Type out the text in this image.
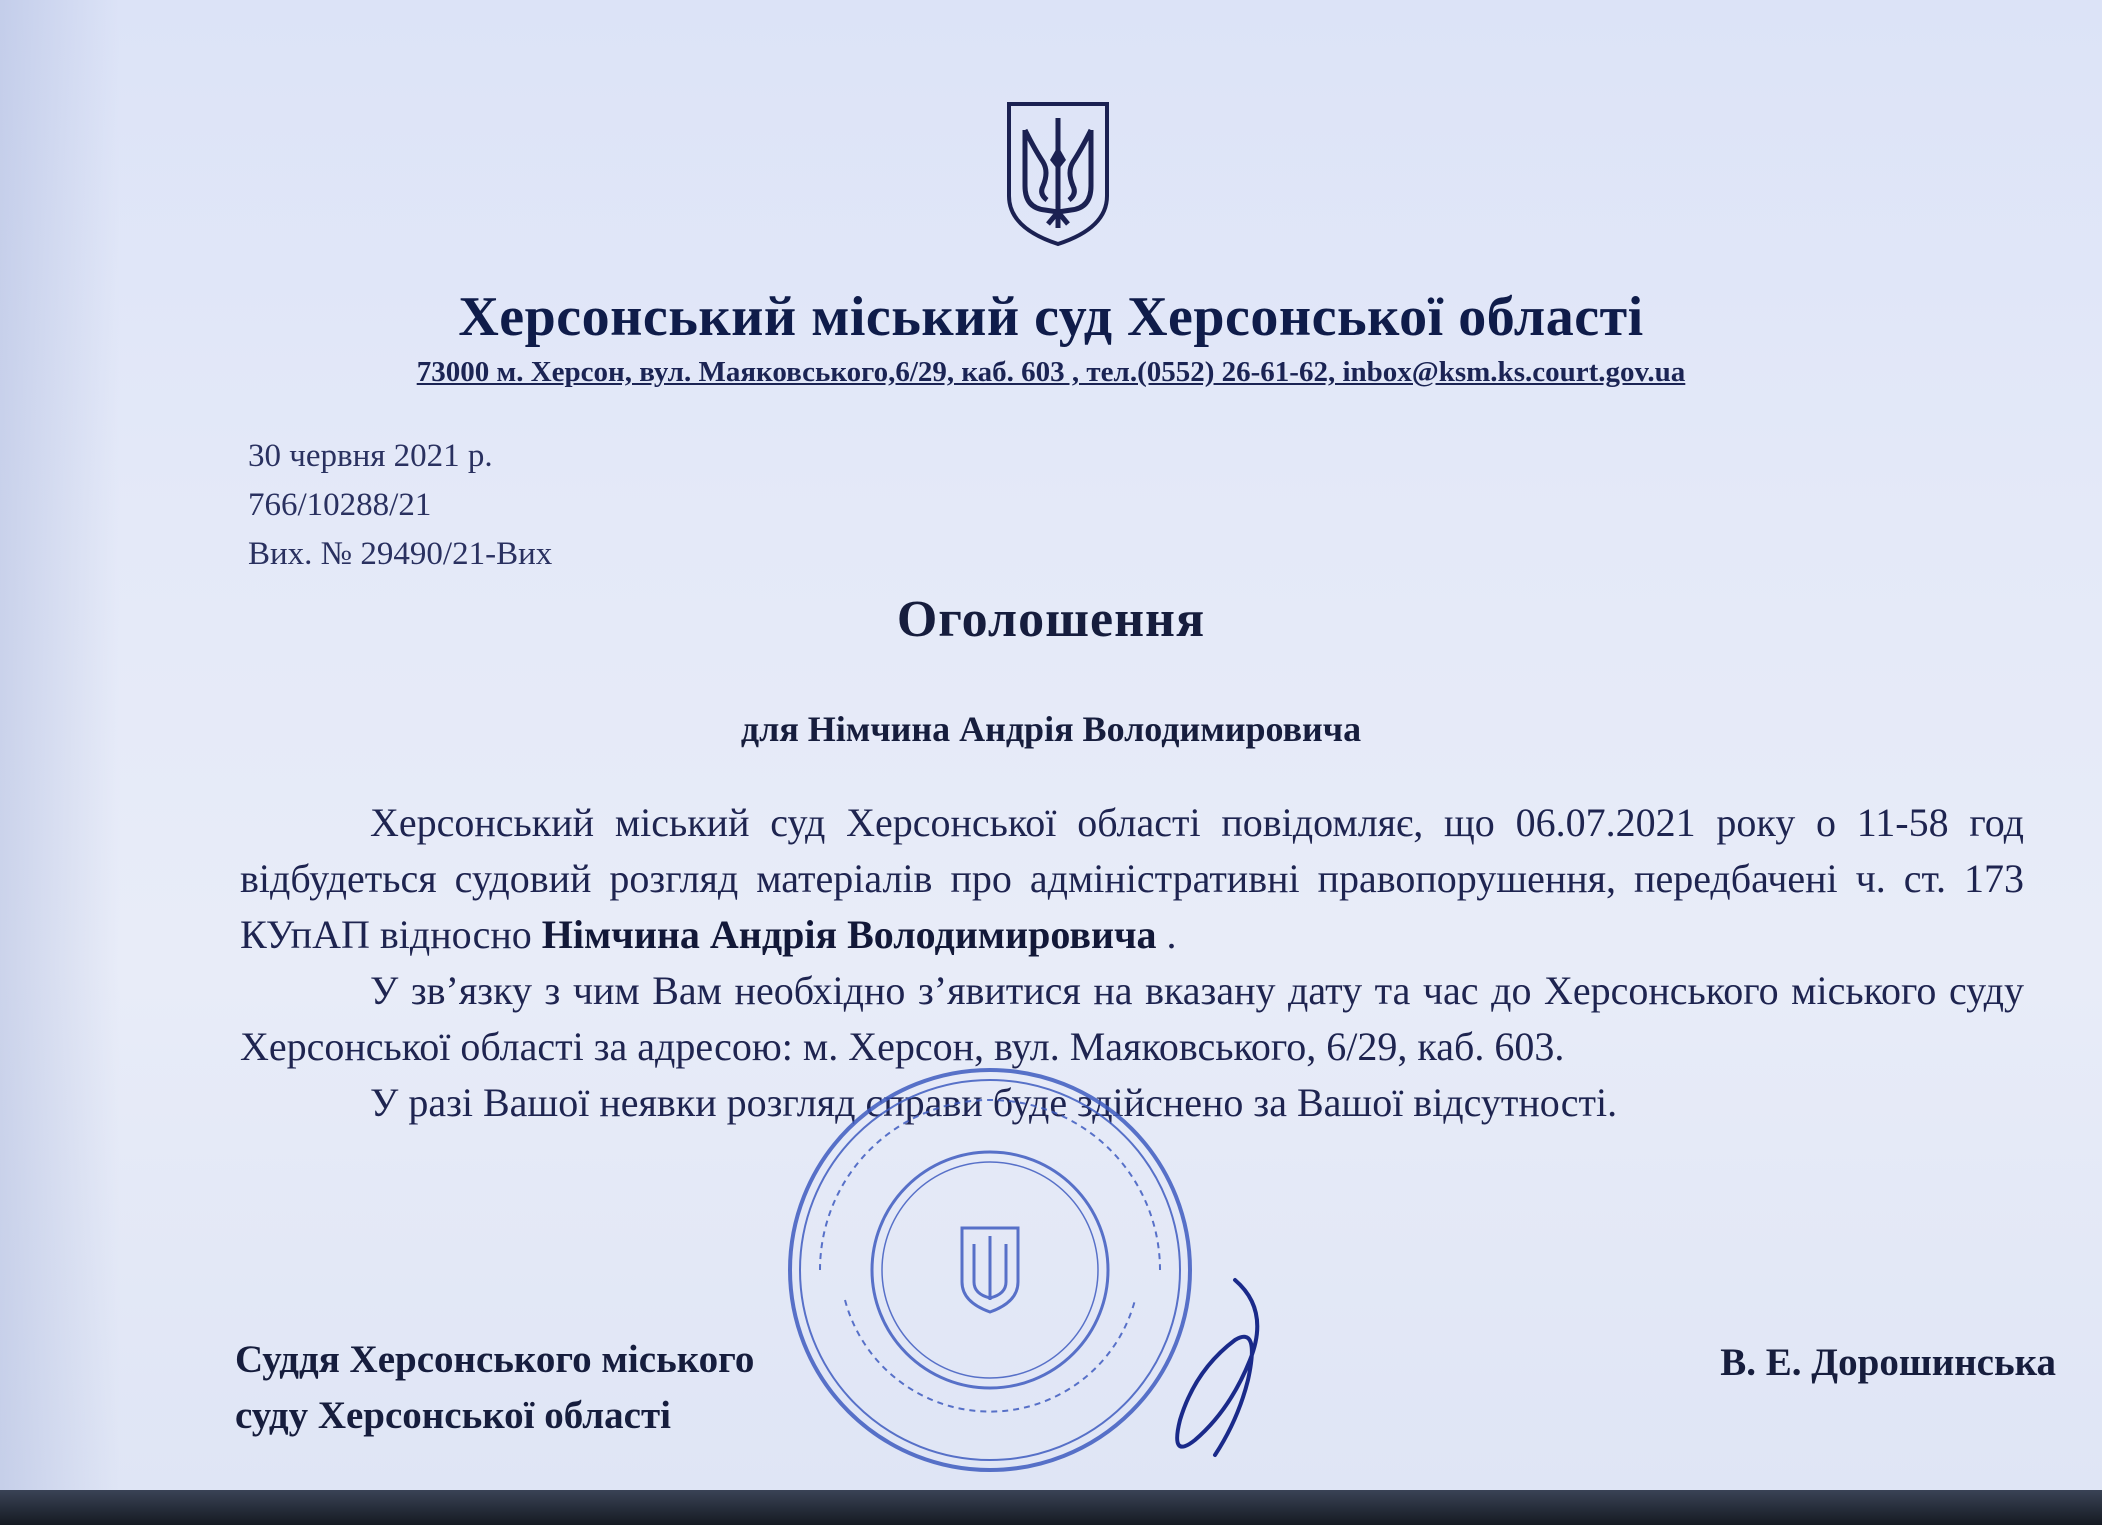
Херсонський міський суд Херсонської області
73000 м. Херсон, вул. Маяковського,6/29, каб. 603 , тел.(0552) 26-61-62, inbox@ksm.ks.court.gov.ua
30 червня 2021 р.
766/10288/21
Вих. № 29490/21-Вих
Оголошення
для Німчина Андрія Володимировича

Херсонський міський суд Херсонської області повідомляє, що 06.07.2021 року о 11-58 год відбудеться судовий розгляд матеріалів про адміністративні правопорушення, передбачені ч. ст. 173 КУпАП відносно Німчина Андрія Володимировича .

У зв’язку з чим Вам необхідно з’явитися на вказану дату та час до Херсонського міського суду Херсонської області за адресою: м. Херсон, вул. Маяковського, 6/29, каб. 603.

У разі Вашої неявки розгляд справи буде здійснено за Вашої відсутності.

Суддя Херсонського міського
суду Херсонської області
В. Е. Дорошинська
